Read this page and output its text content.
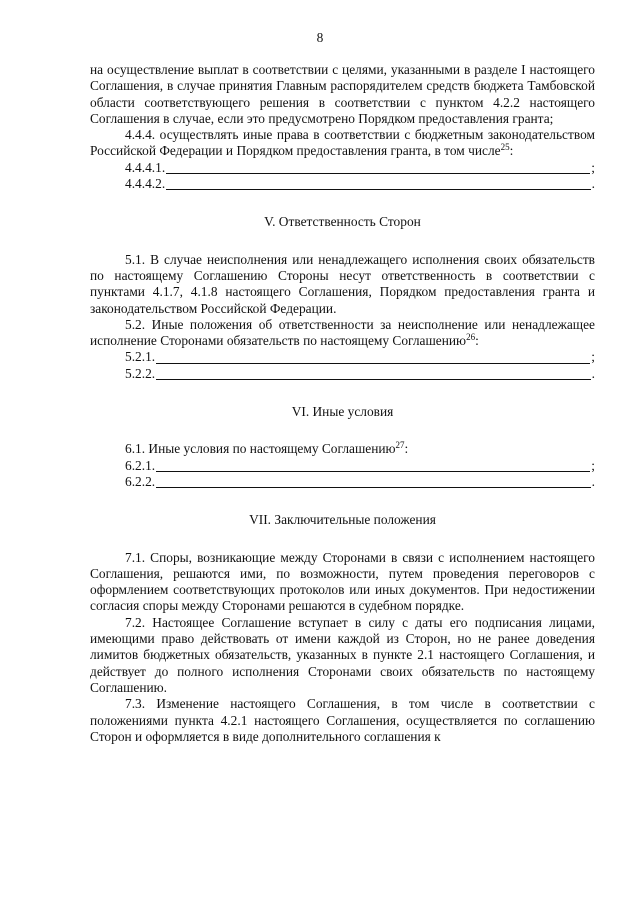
8

на осуществление выплат в соответствии с целями, указанными в разделе I настоящего Соглашения, в случае принятия Главным распорядителем средств бюджета Тамбовской области соответствующего решения в соответствии с пунктом 4.2.2 настоящего Соглашения в случае, если это предусмотрено Порядком предоставления гранта;

4.4.4. осуществлять иные права в соответствии с бюджетным законодательством Российской Федерации и Порядком предоставления гранта, в том числе$^{25}$:

4.4.4.1.	;
4.4.4.2.	.

V. Ответственность Сторон

5.1. В случае неисполнения или ненадлежащего исполнения своих обязательств по настоящему Соглашению Стороны несут ответственность в соответствии с пунктами 4.1.7, 4.1.8 настоящего Соглашения, Порядком предоставления гранта и законодательством Российской Федерации.

5.2. Иные положения об ответственности за неисполнение или ненадлежащее исполнение Сторонами обязательств по настоящему Соглашению$^{26}$:

5.2.1.	;
5.2.2.	.

VI. Иные условия

6.1. Иные условия по настоящему Соглашению$^{27}$:

6.2.1.	;
6.2.2.	.

VII. Заключительные положения

7.1. Споры, возникающие между Сторонами в связи с исполнением настоящего Соглашения, решаются ими, по возможности, путем проведения переговоров с оформлением соответствующих протоколов или иных документов. При недостижении согласия споры между Сторонами решаются в судебном порядке.

7.2. Настоящее Соглашение вступает в силу с даты его подписания лицами, имеющими право действовать от имени каждой из Сторон, но не ранее доведения лимитов бюджетных обязательств, указанных в пункте 2.1 настоящего Соглашения, и действует до полного исполнения Сторонами своих обязательств по настоящему Соглашению.

7.3. Изменение настоящего Соглашения, в том числе в соответствии с положениями пункта 4.2.1 настоящего Соглашения, осуществляется по соглашению Сторон и оформляется в виде дополнительного соглашения к
